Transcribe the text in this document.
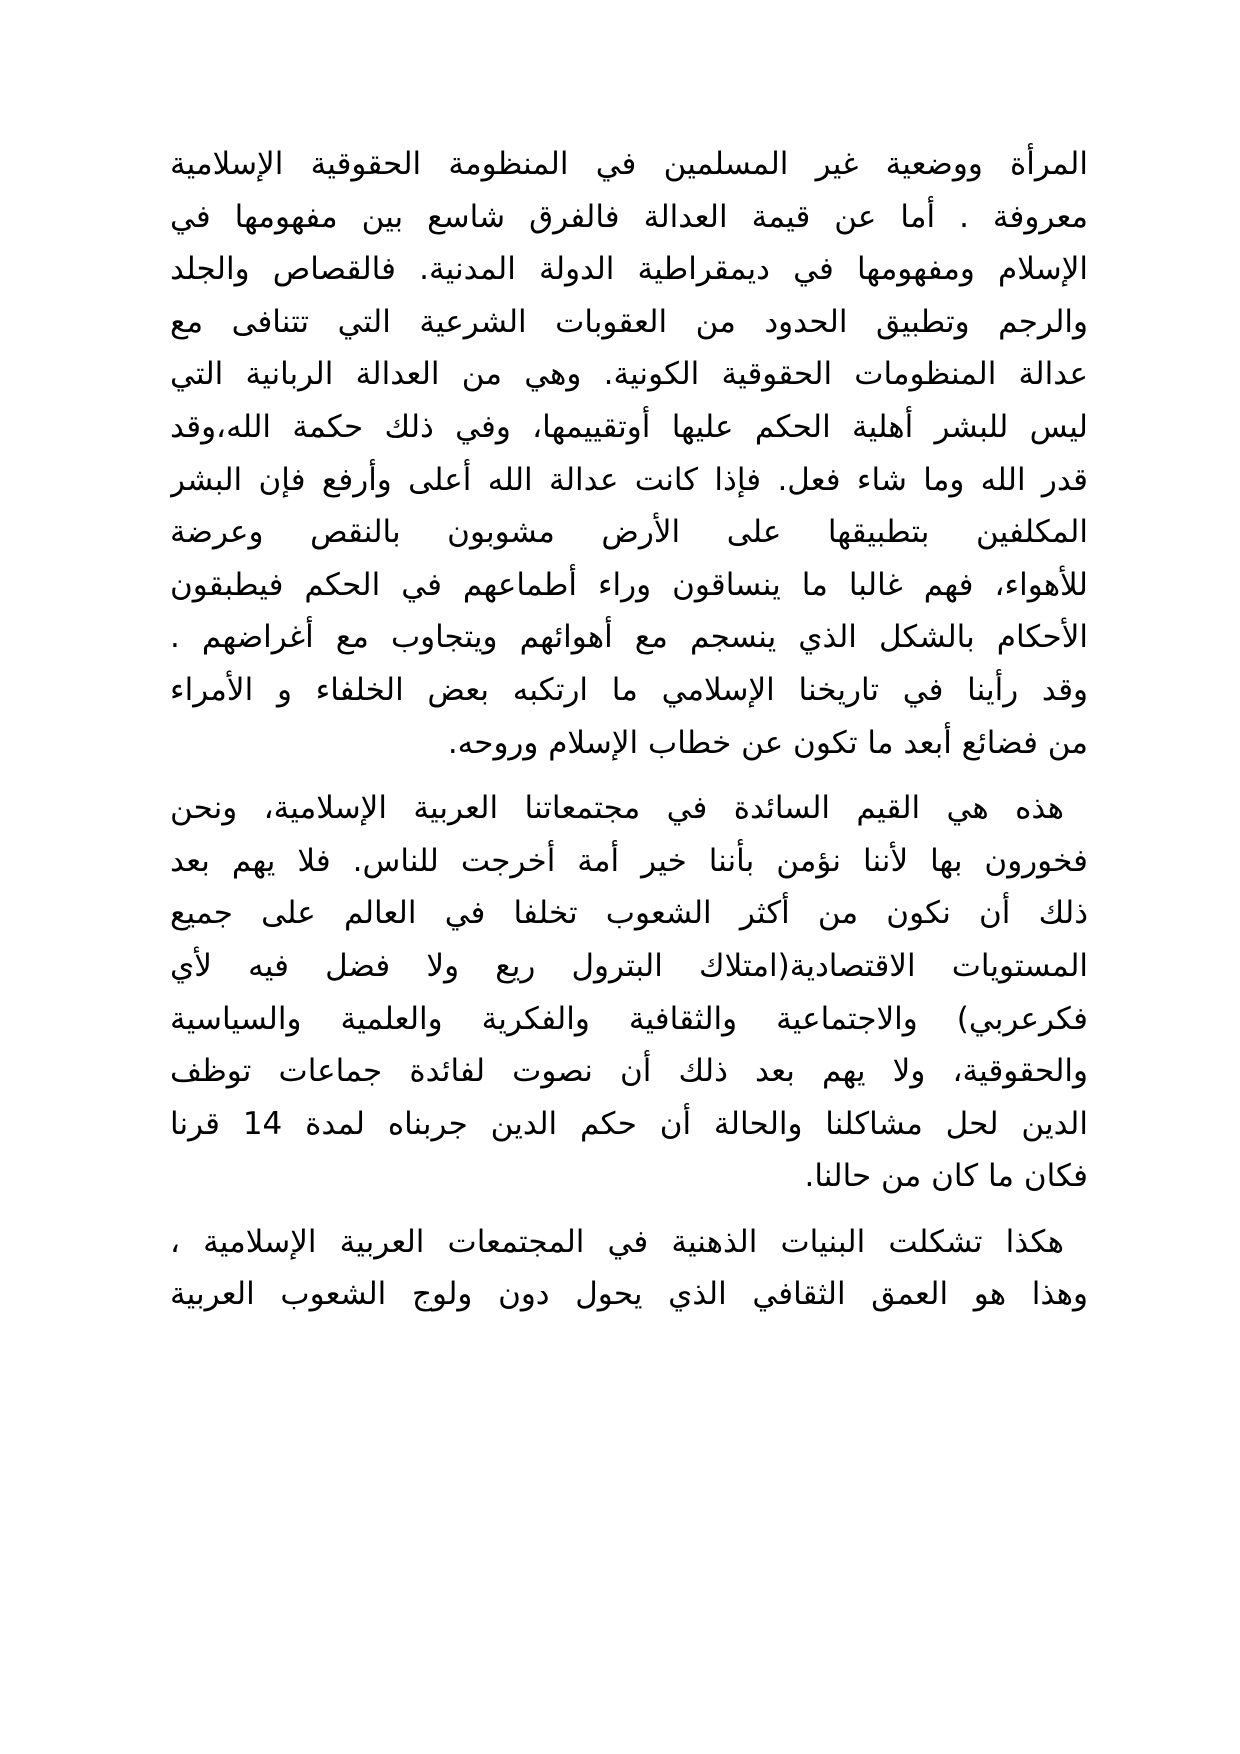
المرأة ووضعية غير المسلمين في المنظومة الحقوقية الإسلامية
معروفة . أما عن قيمة العدالة فالفرق شاسع بين مفهومها في
الإسلام ومفهومها في ديمقراطية الدولة المدنية. فالقصاص والجلد
والرجم وتطبيق الحدود من العقوبات الشرعية التي تتنافى مع
عدالة المنظومات الحقوقية الكونية. وهي من العدالة الربانية التي
ليس للبشر أهلية الحكم عليها أوتقييمها، وفي ذلك حكمة الله،وقد
قدر الله وما شاء فعل. فإذا كانت عدالة الله أعلى وأرفع فإن البشر
المكلفين بتطبيقها على الأرض مشوبون بالنقص وعرضة
للأهواء، فهم غالبا ما ينساقون وراء أطماعهم في الحكم فيطبقون
الأحكام بالشكل الذي ينسجم مع أهوائهم ويتجاوب مع أغراضهم .
وقد رأينا في تاريخنا الإسلامي ما ارتكبه بعض الخلفاء و الأمراء
من فضائع أبعد ما تكون عن خطاب الإسلام وروحه.
هذه هي القيم السائدة في مجتمعاتنا العربية الإسلامية، ونحن
فخورون بها لأننا نؤمن بأننا خير أمة أخرجت للناس. فلا يهم بعد
ذلك أن نكون من أكثر الشعوب تخلفا في العالم على جميع
المستويات الاقتصادية(امتلاك البترول ريع ولا فضل فيه لأي
فكرعربي) والاجتماعية والثقافية والفكرية والعلمية والسياسية
والحقوقية، ولا يهم بعد ذلك أن نصوت لفائدة جماعات توظف
الدين لحل مشاكلنا والحالة أن حكم الدين جربناه لمدة 14 قرنا
فكان ما كان من حالنا.
هكذا تشكلت البنيات الذهنية في المجتمعات العربية الإسلامية ،
وهذا هو العمق الثقافي الذي يحول دون ولوج الشعوب العربية
